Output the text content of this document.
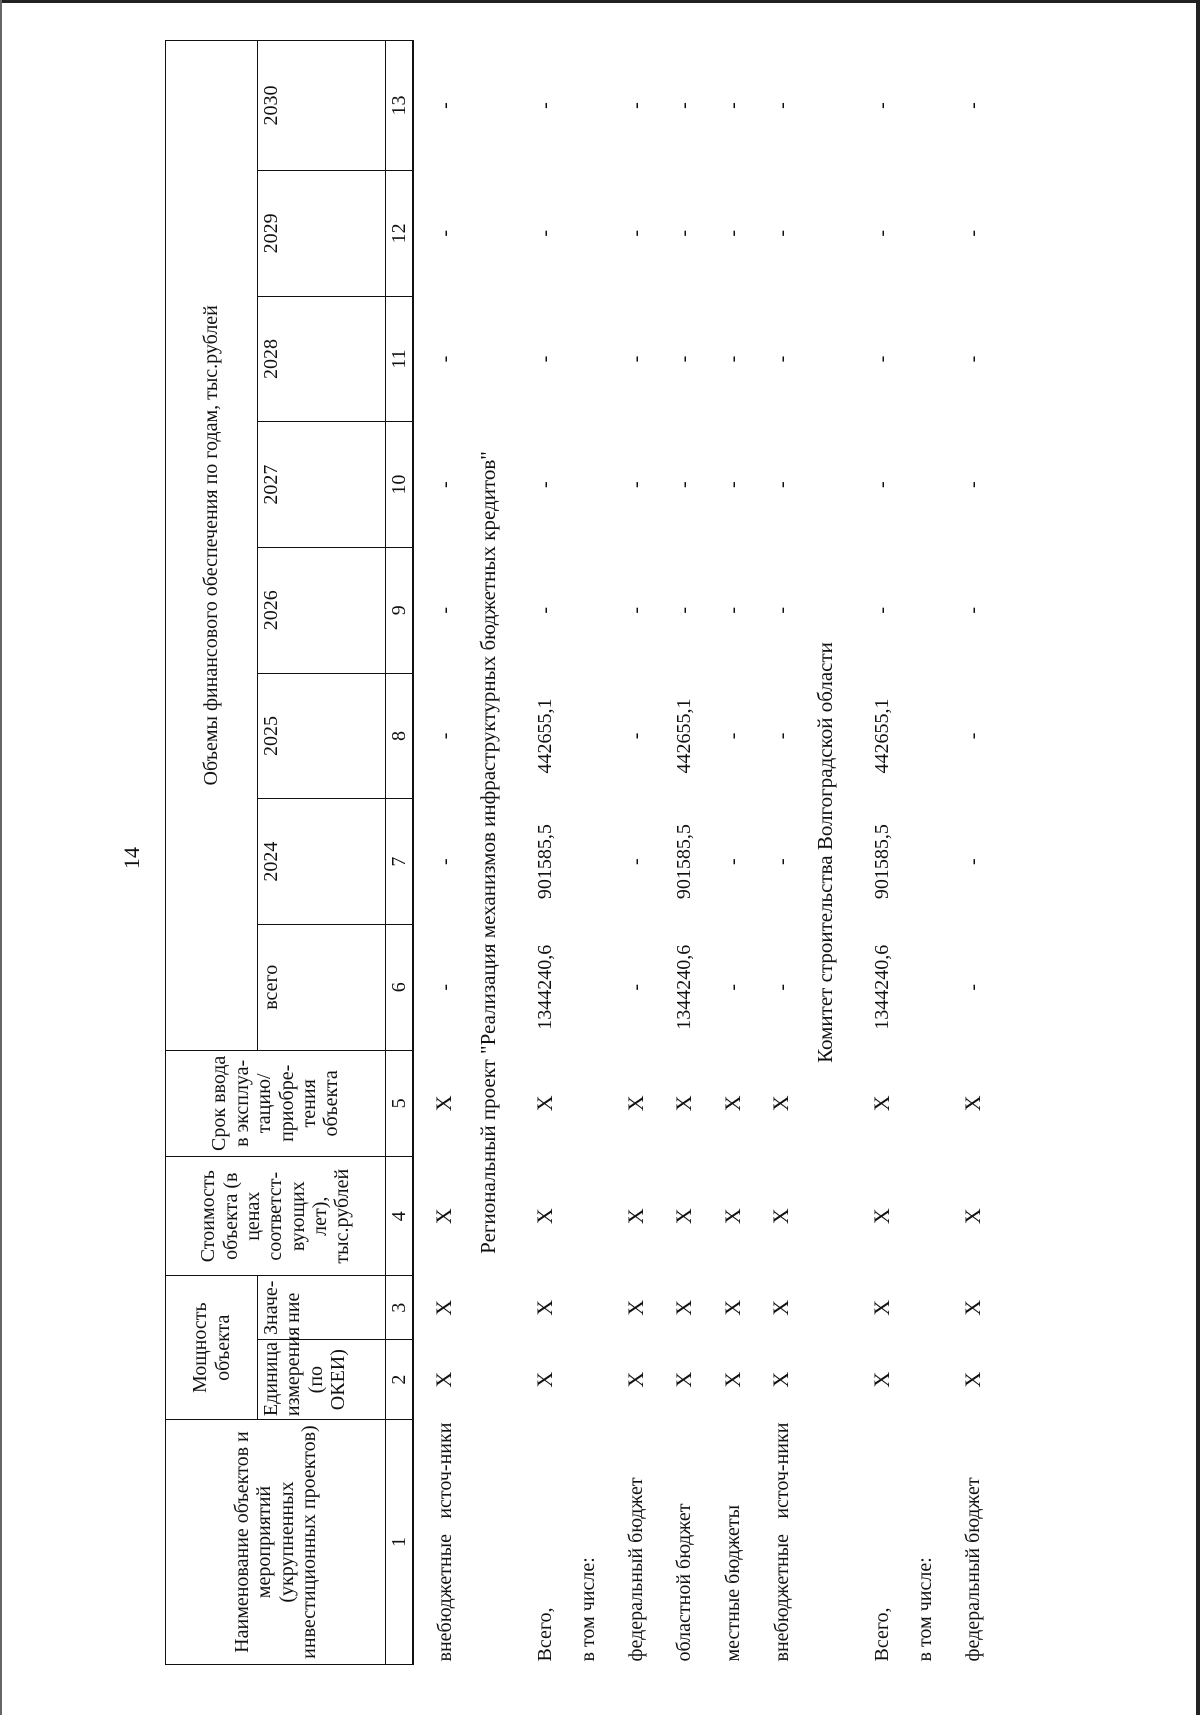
14
Наименование объектов и мероприятий (укрупненных инвестиционных проектов)	Мощность объекта		Стоимость объекта (в ценах соответст-вующих лет), тыс.рублей	Срок ввода в эксплуа-тацию/ приобре-тения объекта	Объемы финансового обеспечения по годам, тыс.рублей							
	Единица измерения (по ОКЕИ)	Значе-ние			всего	2024	2025	2026	2027	2028	2029	2030
1	2	3	4	5	6	7	8	9	10	11	12	13
внебюджетные источ-ники	X	X	X	X	-	-	-	-	-	-	-	-
Региональный проект "Реализация механизмов инфраструктурных бюджетных кредитов"												
Всего,	X	X	X	X	1344240,6	901585,5	442655,1	-	-	-	-	-
в том числе:												
федеральный бюджет	X	X	X	X	-	-	-	-	-	-	-	-
областной бюджет	X	X	X	X	1344240,6	901585,5	442655,1	-	-	-	-	-
местные бюджеты	X	X	X	X	-	-	-	-	-	-	-	-
внебюджетные источ-ники	X	X	X	X	-	-	-	-	-	-	-	-
Комитет строительства Волгоградской области												
Всего,	X	X	X	X	1344240,6	901585,5	442655,1	-	-	-	-	-
в том числе:												
федеральный бюджет	X	X	X	X	-	-	-	-	-	-	-	-
